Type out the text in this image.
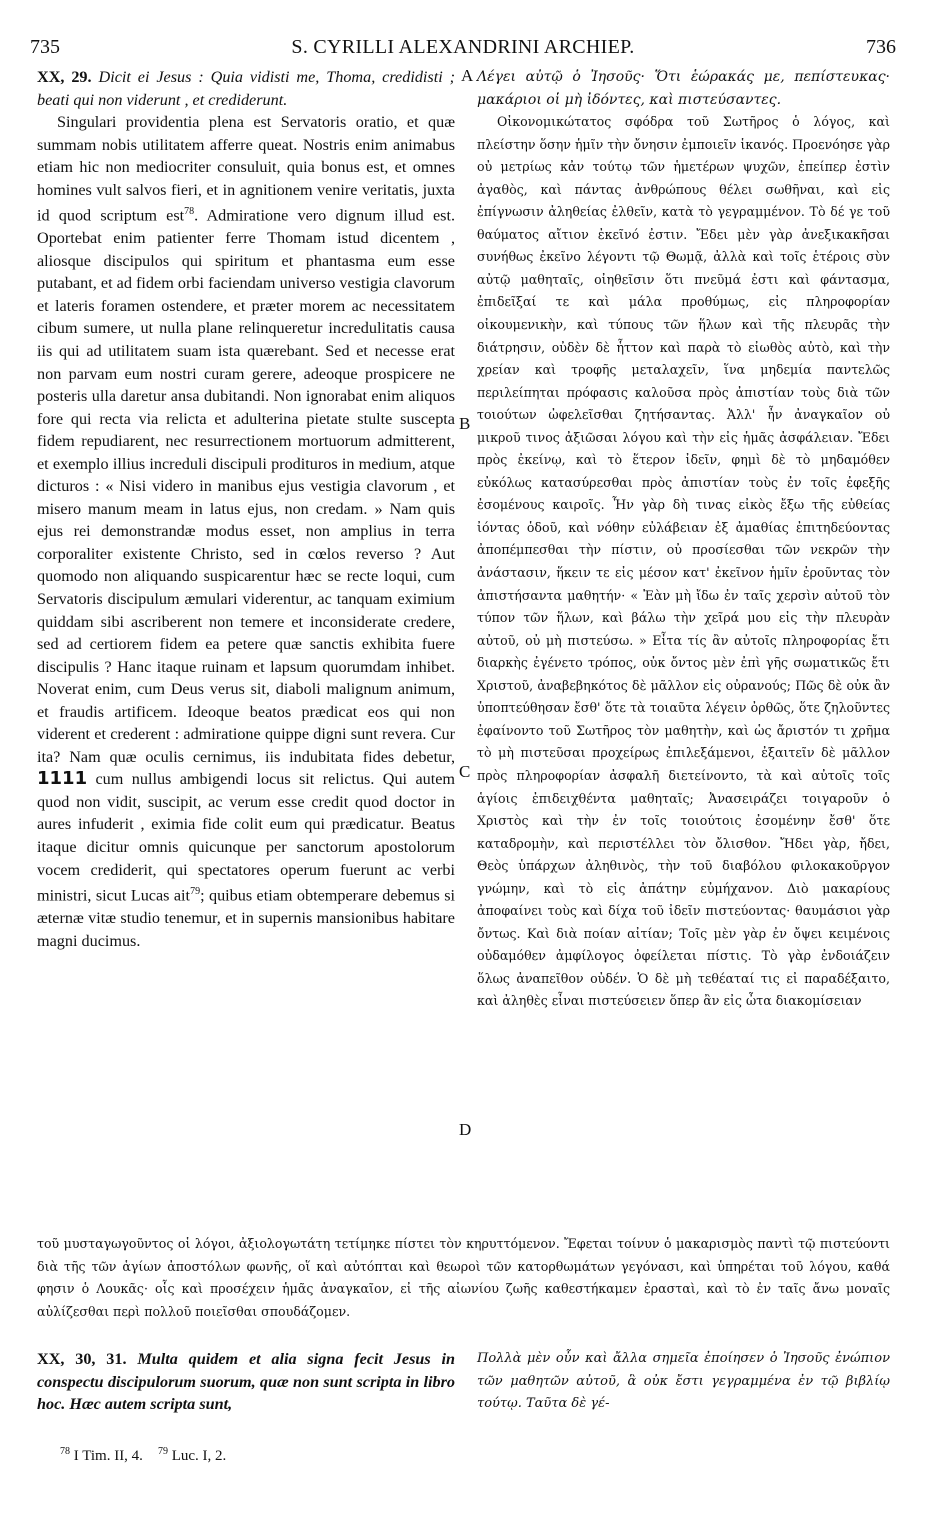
735	S. CYRILLI ALEXANDRINI ARCHIEP.	736

XX, 29. Dicit ei Jesus : Quia vidisti me, Thoma, credidisti ; beati qui non viderunt , et crediderunt.

Singulari providentia plena est Servatoris oratio, et quæ summam nobis utilitatem afferre queat. Nostris enim animabus etiam hic non mediocriter consuluit, quia bonus est, et omnes homines vult salvos fieri, et in agnitionem venire veritatis, juxta id quod scriptum est$^{78}$. Admiratione vero dignum illud est. Oportebat enim patienter ferre Thomam istud dicentem , aliosque discipulos qui spiritum et phantasma eum esse putabant, et ad fidem orbi faciendam universo vestigia clavorum et lateris foramen ostendere, et præter morem ac necessitatem cibum sumere, ut nulla plane relinqueretur incredulitatis causa iis qui ad utilitatem suam ista quærebant. Sed et necesse erat non parvam eum nostri curam gerere, adeoque prospicere ne posteris ulla daretur ansa dubitandi. Non ignorabat enim aliquos fore qui recta via relicta et adulterina pietate stulte suscepta fidem repudiarent, nec resurrectionem mortuorum admitterent, et exemplo illius increduli discipuli prodituros in medium, atque dicturos : « Nisi videro in manibus ejus vestigia clavorum , et misero manum meam in latus ejus, non credam. » Nam quis ejus rei demonstrandæ modus esset, non amplius in terra corporaliter existente Christo, sed in cœlos reverso ? Aut quomodo non aliquando suspicarentur hæc se recte loqui, cum Servatoris discipulum æmulari viderentur, ac tanquam eximium quiddam sibi ascriberent non temere et inconsiderate credere, sed ad certiorem fidem ea petere quæ sanctis exhibita fuere discipulis ? Hanc itaque ruinam et lapsum quorumdam inhibet. Noverat enim, cum Deus verus sit, diaboli malignum animum, et fraudis artificem. Ideoque beatos prædicat eos qui non viderent et crederent : admiratione quippe digni sunt revera. Cur ita? Nam quæ oculis cernimus, iis indubitata fides debetur, 1111 cum nullus ambigendi locus sit relictus. Qui autem quod non vidit, suscipit, ac verum esse credit quod doctor in aures infuderit , eximia fide colit eum qui prædicatur. Beatus itaque dicitur omnis quicunque per sanctorum apostolorum vocem crediderit, qui spectatores operum fuerunt ac verbi ministri, sicut Lucas ait$^{79}$; quibus etiam obtemperare debemus si æternæ vitæ studio tenemur, et in supernis mansionibus habitare magni ducimus.

A
B
C
D

Λέγει αὐτῷ ὁ Ἰησοῦς· Ὅτι ἑώρακάς με, πεπίστευκας· μακάριοι οἱ μὴ ἰδόντες, καὶ πιστεύσαντες.

Οἰκονομικώτατος σφόδρα τοῦ Σωτῆρος ὁ λόγος, καὶ πλείστην ὅσην ἡμῖν τὴν ὄνησιν ἐμποιεῖν ἱκανός. Προενόησε γὰρ οὐ μετρίως κἀν τούτῳ τῶν ἡμετέρων ψυχῶν, ἐπείπερ ἐστὶν ἀγαθὸς, καὶ πάντας ἀνθρώπους θέλει σωθῆναι, καὶ εἰς ἐπίγνωσιν ἀληθείας ἐλθεῖν, κατὰ τὸ γεγραμμένον. Τὸ δέ γε τοῦ θαύματος αἴτιον ἐκεῖνό ἐστιν. Ἔδει μὲν γὰρ ἀνεξικακῆσαι συνήθως ἐκεῖνο λέγοντι τῷ Θωμᾷ, ἀλλὰ καὶ τοῖς ἑτέροις σὺν αὐτῷ μαθηταῖς, οἰηθεῖσιν ὅτι πνεῦμά ἐστι καὶ φάντασμα, ἐπιδεῖξαί τε καὶ μάλα προθύμως, εἰς πληροφορίαν οἰκουμενικὴν, καὶ τύπους τῶν ἥλων καὶ τῆς πλευρᾶς τὴν διάτρησιν, οὐδὲν δὲ ἧττον καὶ παρὰ τὸ εἰωθὸς αὐτὸ, καὶ τὴν χρείαν καὶ τροφῆς μεταλαχεῖν, ἵνα μηδεμία παντελῶς περιλείπηται πρόφασις καλοῦσα πρὸς ἀπιστίαν τοὺς διὰ τῶν τοιούτων ὠφελεῖσθαι ζητήσαντας. Ἀλλ' ἦν ἀναγκαῖον οὐ μικροῦ τινος ἀξιῶσαι λόγου καὶ τὴν εἰς ἡμᾶς ἀσφάλειαν. Ἔδει πρὸς ἐκείνῳ, καὶ τὸ ἕτερον ἰδεῖν, φημὶ δὲ τὸ μηδαμόθεν εὐκόλως κατασύρεσθαι πρὸς ἀπιστίαν τοὺς ἐν τοῖς ἐφεξῆς ἐσομένους καιροῖς. Ἦν γὰρ δὴ τινας εἰκὸς ἔξω τῆς εὐθείας ἰόντας ὁδοῦ, καὶ νόθην εὐλάβειαν ἐξ ἀμαθίας ἐπιτηδεύοντας ἀποπέμπεσθαι τὴν πίστιν, οὐ προσίεσθαι τῶν νεκρῶν τὴν ἀνάστασιν, ἥκειν τε εἰς μέσον κατ' ἐκεῖνον ἡμῖν ἐροῦντας τὸν ἀπιστήσαντα μαθητήν· « Ἐὰν μὴ ἴδω ἐν ταῖς χερσὶν αὐτοῦ τὸν τύπον τῶν ἥλων, καὶ βάλω τὴν χεῖρά μου εἰς τὴν πλευρὰν αὐτοῦ, οὐ μὴ πιστεύσω. » Εἶτα τίς ἂν αὐτοῖς πληροφορίας ἔτι διαρκὴς ἐγένετο τρόπος, οὐκ ὄντος μὲν ἐπὶ γῆς σωματικῶς ἔτι Χριστοῦ, ἀναβεβηκότος δὲ μᾶλλον εἰς οὐρανούς; Πῶς δὲ οὐκ ἂν ὑποπτεύθησαν ἔσθ' ὅτε τὰ τοιαῦτα λέγειν ὀρθῶς, ὅτε ζηλοῦντες ἐφαίνοντο τοῦ Σωτῆρος τὸν μαθητὴν, καὶ ὡς ἄριστόν τι χρῆμα τὸ μὴ πιστεῦσαι προχείρως ἐπιλεξάμενοι, ἐξαιτεῖν δὲ μᾶλλον πρὸς πληροφορίαν ἀσφαλῆ διετείνοντο, τὰ καὶ αὐτοῖς τοῖς ἁγίοις ἐπιδειχθέντα μαθηταῖς; Ἀνασειράζει τοιγαροῦν ὁ Χριστὸς καὶ τὴν ἐν τοῖς τοιούτοις ἐσομένην ἔσθ' ὅτε καταδρομὴν, καὶ περιστέλλει τὸν ὄλισθον. Ἤδει γὰρ, ἤδει, Θεὸς ὑπάρχων ἀληθινὸς, τὴν τοῦ διαβόλου φιλοκακοῦργον γνώμην, καὶ τὸ εἰς ἀπάτην εὐμήχανον. Διὸ μακαρίους ἀποφαίνει τοὺς καὶ δίχα τοῦ ἰδεῖν πιστεύοντας· θαυμάσιοι γὰρ ὄντως. Καὶ διὰ ποίαν αἰτίαν; Τοῖς μὲν γὰρ ἐν ὄψει κειμένοις οὐδαμόθεν ἀμφίλογος ὀφείλεται πίστις. Τὸ γὰρ ἐνδοιάζειν ὅλως ἀναπεῖθον οὐδέν. Ὁ δὲ μὴ τεθέαταί τις εἰ παραδέξαιτο, καὶ ἀληθὲς εἶναι πιστεύσειεν ὅπερ ἂν εἰς ὦτα διακομίσειαν

τοῦ μυσταγωγοῦντος οἱ λόγοι, ἀξιολογωτάτη τετίμηκε πίστει τὸν κηρυττόμενον. Ἔφεται τοίνυν ὁ μακαρισμὸς παντὶ τῷ πιστεύοντι διὰ τῆς τῶν ἁγίων ἀποστόλων φωνῆς, οἵ καὶ αὐτόπται καὶ θεωροὶ τῶν κατορθωμάτων γεγόνασι, καὶ ὑπηρέται τοῦ λόγου, καθά φησιν ὁ Λουκᾶς· οἷς καὶ προσέχειν ἡμᾶς ἀναγκαῖον, εἰ τῆς αἰωνίου ζωῆς καθεστήκαμεν ἐρασταὶ, καὶ τὸ ἐν ταῖς ἄνω μοναῖς αὐλίζεσθαι περὶ πολλοῦ ποιεῖσθαι σπουδάζομεν.

XX, 30, 31. Multa quidem et alia signa fecit Jesus in conspectu discipulorum suorum, quæ non sunt scripta in libro hoc. Hæc autem scripta sunt,

Πολλὰ μὲν οὖν καὶ ἄλλα σημεῖα ἐποίησεν ὁ Ἰησοῦς ἐνώπιον τῶν μαθητῶν αὐτοῦ, ἃ οὐκ ἔστι γεγραμμένα ἐν τῷ βιβλίῳ τούτῳ. Ταῦτα δὲ γέ-

$^{78}$ I Tim. II, 4. $^{79}$ Luc. I, 2.
